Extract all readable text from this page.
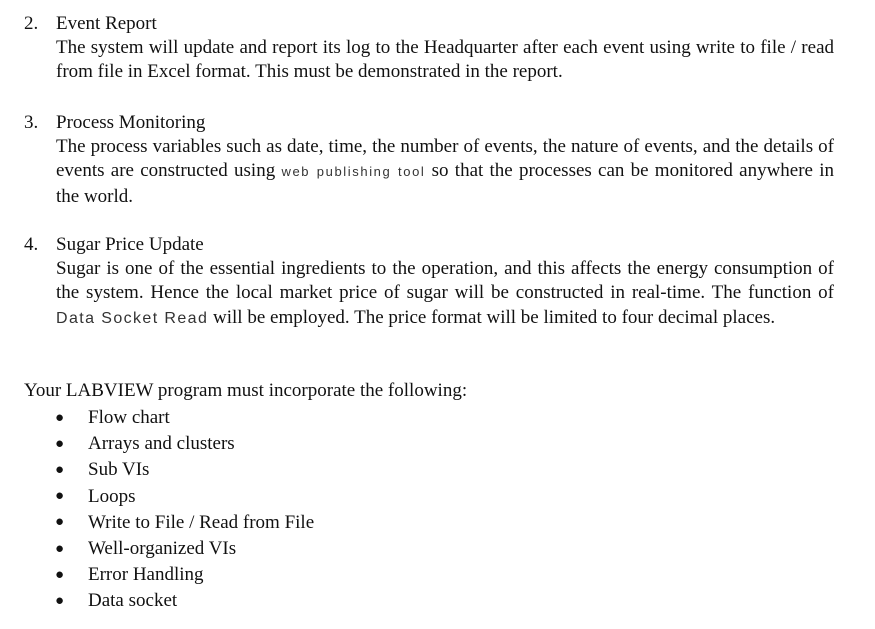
2. Event Report
The system will update and report its log to the Headquarter after each event using write to file / read from file in Excel format. This must be demonstrated in the report.
3. Process Monitoring
The process variables such as date, time, the number of events, the nature of events, and the details of events are constructed using web publishing tool so that the processes can be monitored anywhere in the world.
4. Sugar Price Update
Sugar is one of the essential ingredients to the operation, and this affects the energy consumption of the system. Hence the local market price of sugar will be constructed in real-time. The function of Data Socket Read will be employed. The price format will be limited to four decimal places.
Your LABVIEW program must incorporate the following:
●	Flow chart
●	Arrays and clusters
●	Sub VIs
●	Loops
●	Write to File / Read from File
●	Well-organized VIs
●	Error Handling
●	Data socket
